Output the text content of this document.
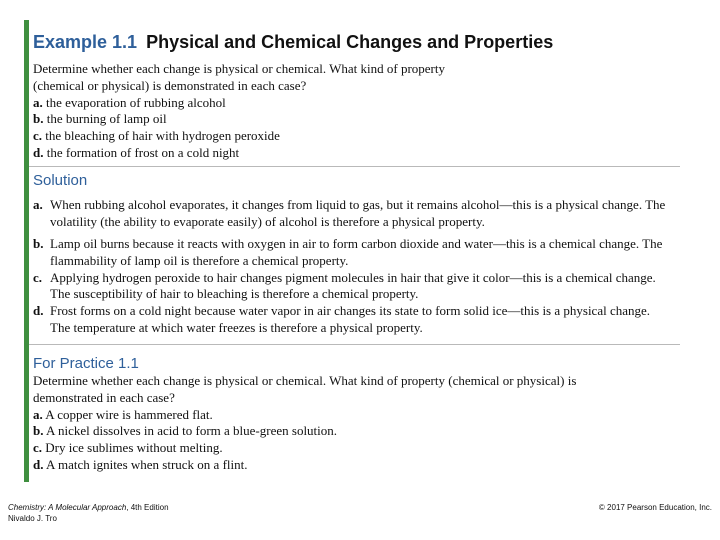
Example 1.1 Physical and Chemical Changes and Properties
Determine whether each change is physical or chemical. What kind of property
(chemical or physical) is demonstrated in each case?
a. the evaporation of rubbing alcohol
b. the burning of lamp oil
c. the bleaching of hair with hydrogen peroxide
d. the formation of frost on a cold night
Solution
a. When rubbing alcohol evaporates, it changes from liquid to gas, but it remains alcohol—this is a physical change. The volatility (the ability to evaporate easily) of alcohol is therefore a physical property.
b. Lamp oil burns because it reacts with oxygen in air to form carbon dioxide and water—this is a chemical change. The flammability of lamp oil is therefore a chemical property.
c. Applying hydrogen peroxide to hair changes pigment molecules in hair that give it color—this is a chemical change. The susceptibility of hair to bleaching is therefore a chemical property.
d. Frost forms on a cold night because water vapor in air changes its state to form solid ice—this is a physical change. The temperature at which water freezes is therefore a physical property.
For Practice 1.1
Determine whether each change is physical or chemical. What kind of property (chemical or physical) is
demonstrated in each case?
a. A copper wire is hammered flat.
b. A nickel dissolves in acid to form a blue-green solution.
c. Dry ice sublimes without melting.
d. A match ignites when struck on a flint.
Chemistry: A Molecular Approach, 4th Edition
Nivaldo J. Tro
© 2017 Pearson Education, Inc.
